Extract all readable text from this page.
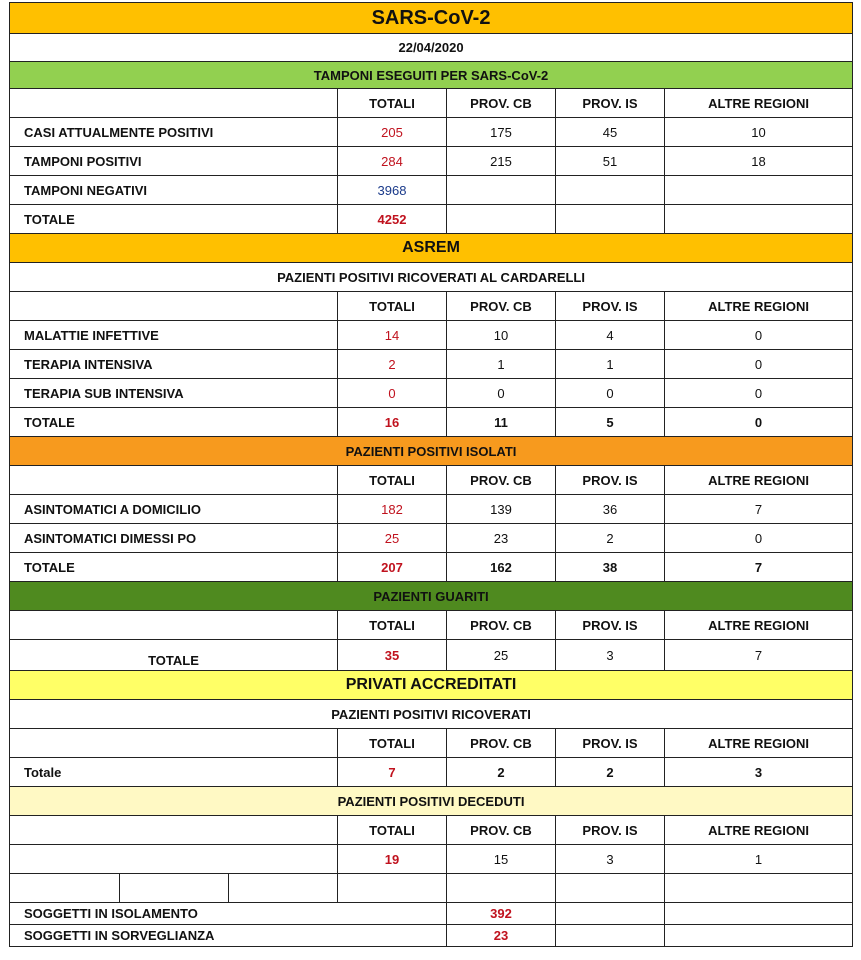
SARS-CoV-2						
22/04/2020						
TAMPONI ESEGUITI PER SARS-CoV-2						
			TOTALI	PROV. CB	PROV. IS	ALTRE REGIONI
CASI ATTUALMENTE POSITIVI			205	175	45	10
TAMPONI POSITIVI			284	215	51	18
TAMPONI NEGATIVI			3968			
TOTALE			4252			
ASREM						
PAZIENTI POSITIVI RICOVERATI AL CARDARELLI						
			TOTALI	PROV. CB	PROV. IS	ALTRE REGIONI
MALATTIE INFETTIVE			14	10	4	0
TERAPIA INTENSIVA			2	1	1	0
TERAPIA SUB INTENSIVA			0	0	0	0
TOTALE			16	11	5	0
PAZIENTI POSITIVI ISOLATI						
			TOTALI	PROV. CB	PROV. IS	ALTRE REGIONI
ASINTOMATICI A DOMICILIO			182	139	36	7
ASINTOMATICI DIMESSI PO			25	23	2	0
TOTALE			207	162	38	7
PAZIENTI GUARITI						
			TOTALI	PROV. CB	PROV. IS	ALTRE REGIONI
TOTALE			35	25	3	7
PRIVATI ACCREDITATI						
PAZIENTI POSITIVI RICOVERATI						
			TOTALI	PROV. CB	PROV. IS	ALTRE REGIONI
Totale			7	2	2	3
PAZIENTI POSITIVI DECEDUTI						
			TOTALI	PROV. CB	PROV. IS	ALTRE REGIONI
			19	15	3	1

SOGGETTI IN ISOLAMENTO				392		
SOGGETTI IN SORVEGLIANZA				23		
